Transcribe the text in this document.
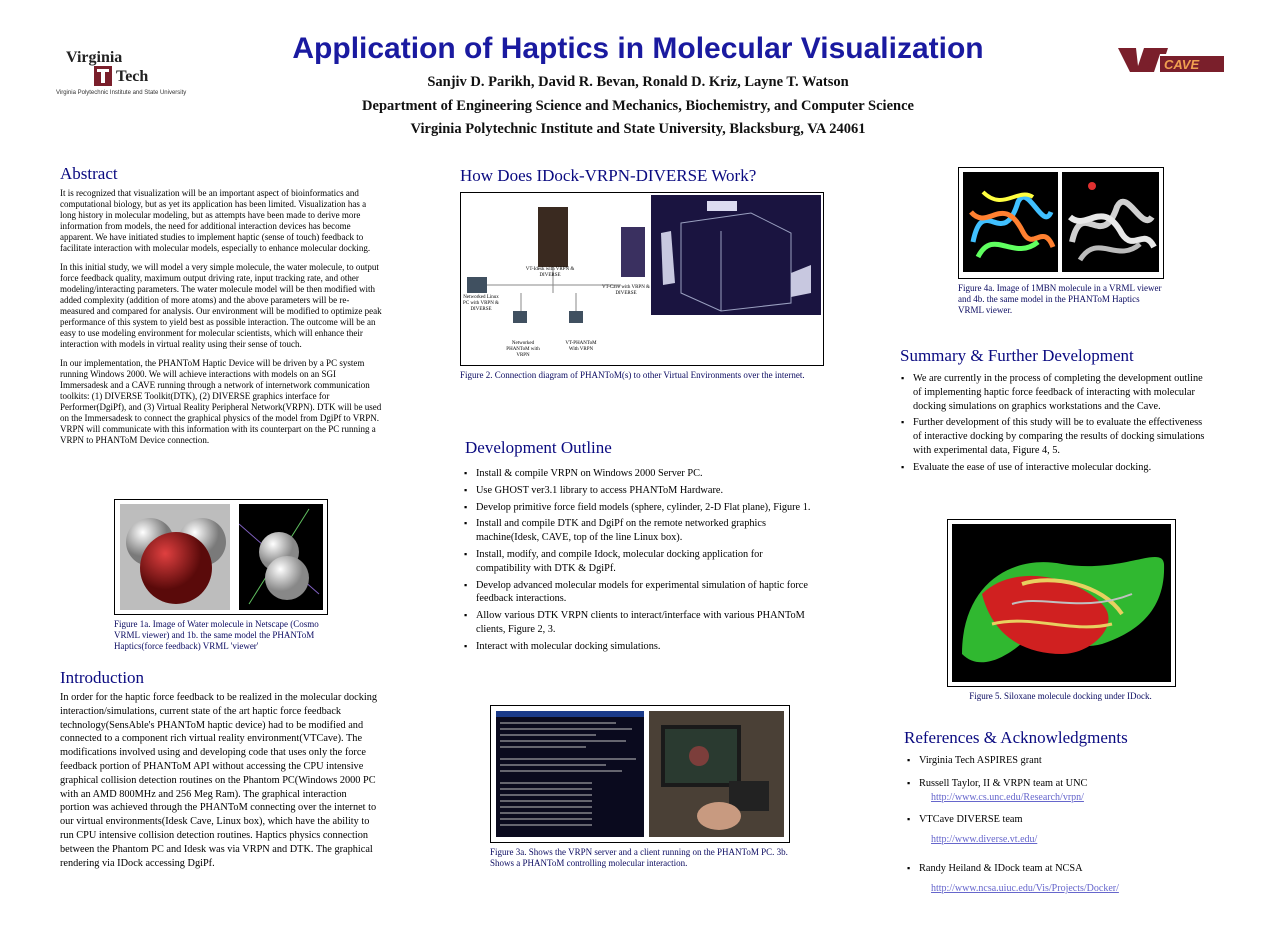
Virginia
Tech
Virginia Polytechnic Institute and State University
CAVE
Application of Haptics in Molecular Visualization
Sanjiv D. Parikh, David R. Bevan, Ronald D. Kriz, Layne T. Watson
Department of Engineering Science and Mechanics, Biochemistry, and Computer Science
Virginia Polytechnic Institute and State University, Blacksburg, VA 24061
Abstract

It is recognized that visualization will be an important aspect of bioinformatics and computational biology, but as yet its application has been limited. Visualization has a long history in molecular modeling, but as attempts have been made to derive more information from models, the need for additional interaction devices has become apparent. We have initiated studies to implement haptic (sense of touch) feedback to facilitate interaction with molecular models, especially to enhance molecular docking.

In this initial study, we will model a very simple molecule, the water molecule, to output force feedback quality, maximum output driving rate, input tracking rate, and other modeling/interacting parameters. The water molecule model will be then modified with added complexity (addition of more atoms) and the above parameters will be re-measured and compared for analysis. Our environment will be modified to optimize peak performance of this system to yield best as possible interaction. The outcome will be an easy to use modeling environment for molecular scientists, which will enhance their interaction with models in virtual reality using their sense of touch.

In our implementation, the PHANToM Haptic Device will be driven by a PC system running Windows 2000. We will achieve interactions with models on an SGI Immersadesk and a CAVE running through a network of internetwork communication toolkits: (1) DIVERSE Toolkit(DTK), (2) DIVERSE graphics interface for Performer(DgiPf), and (3) Virtual Reality Peripheral Network(VRPN). DTK will be used on the Immersadesk to connect the graphical physics of the model from DgiPf to VRPN. VRPN will communicate with this information with its counterpart on the PC running a VRPN to PHANToM Device connection.

Figure 1a. Image of Water molecule in Netscape (Cosmo VRML viewer) and 1b. the same model the PHANToM Haptics(force feedback) VRML 'viewer'
Introduction
In order for the haptic force feedback to be realized in the molecular docking interaction/simulations, current state of the art haptic force feedback technology(SensAble's PHANToM haptic device) had to be modified and connected to a component rich virtual reality environment(VTCave). The modifications involved using and developing code that uses only the force feedback portion of PHANToM API without accessing the CPU intensive graphical collision detection routines on the Phantom PC(Windows 2000 PC with an AMD 800MHz and 256 Meg Ram). The graphical interaction portion was achieved through the PHANToM connecting over the internet to our virtual environments(Idesk Cave, Linux box), which have the ability to run CPU intensive collision detection routines. Haptics physics connection between the Phantom PC and Idesk was via VRPN and DTK. The graphical rendering via IDock accessing DgiPf.
How Does IDock-VRPN-DIVERSE Work?
VT-Idesk with VRPN & DIVERSE
VT-Cave with VRPN & DIVERSE
Networked Linux PC with VRPN & DIVERSE
Networked PHANToM with VRPN
VT-PHANToM With VRPN
Figure 2. Connection diagram of PHANToM(s) to other Virtual Environments over the internet.
Development Outline
▪ Install & compile VRPN on Windows 2000 Server PC.
▪ Use GHOST ver3.1 library to access PHANToM Hardware.
▪ Develop primitive force field models (sphere, cylinder, 2-D Flat plane), Figure 1.
▪ Install and compile DTK and DgiPf on the remote networked graphics machine(Idesk, CAVE, top of the line Linux box).
▪ Install, modify, and compile Idock, molecular docking application for compatibility with DTK & DgiPf.
▪ Develop advanced molecular models for experimental simulation of haptic force feedback interactions.
▪ Allow various DTK VRPN clients to interact/interface with various PHANToM clients, Figure 2, 3.
▪ Interact with molecular docking simulations.
Figure 3a. Shows the VRPN server and a client running on the PHANToM PC. 3b. Shows a PHANToM controlling molecular interaction.
Figure 4a. Image of 1MBN molecule in a VRML viewer and 4b. the same model in the PHANToM Haptics VRML viewer.
Summary & Further Development
▪ We are currently in the process of completing the development outline of implementing haptic force feedback of interacting with molecular docking simulations on graphics workstations and the Cave.
▪ Further development of this study will be to evaluate the effectiveness of interactive docking by comparing the results of docking simulations with experimental data, Figure 4, 5.
▪ Evaluate the ease of use of interactive molecular docking.
Figure 5. Siloxane molecule docking under IDock.
References & Acknowledgments
▪ Virginia Tech ASPIRES grant
▪ Russell Taylor, II & VRPN team at UNC
http://www.cs.unc.edu/Research/vrpn/
▪ VTCave DIVERSE team
http://www.diverse.vt.edu/
▪ Randy Heiland & IDock team at NCSA
http://www.ncsa.uiuc.edu/Vis/Projects/Docker/
